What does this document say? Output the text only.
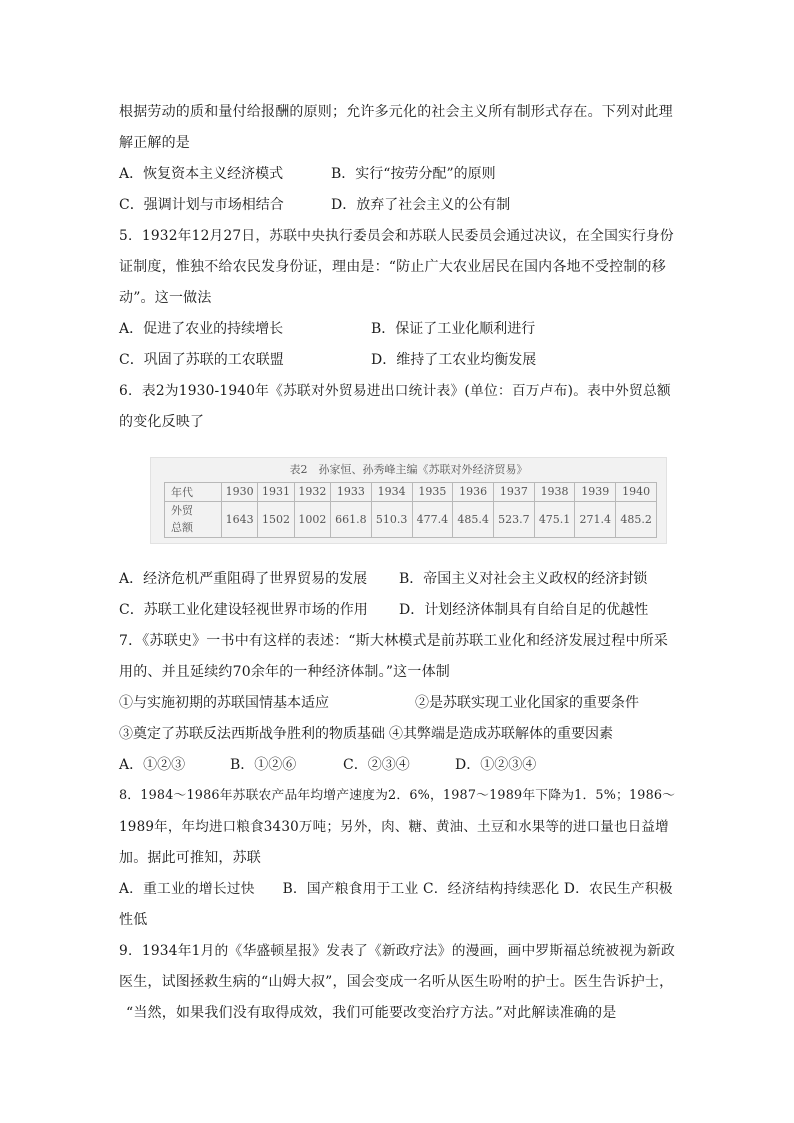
根据劳动的质和量付给报酬的原则；允许多元化的社会主义所有制形式存在。下列对此理
解正解的是
A．恢复资本主义经济模式	B．实行“按劳分配”的原则
C．强调计划与市场相结合	D．放弃了社会主义的公有制
5．1932年12月27日，苏联中央执行委员会和苏联人民委员会通过决议，在全国实行身份
证制度，惟独不给农民发身份证，理由是：“防止广大农业居民在国内各地不受控制的移
动”。这一做法
A．促进了农业的持续增长	B．保证了工业化顺利进行
C．巩固了苏联的工农联盟	D．维持了工农业均衡发展
6．表2为1930-1940年《苏联对外贸易进出口统计表》(单位：百万卢布)。表中外贸总额
的变化反映了
表2　孙家恒、孙秀峰主编《苏联对外经济贸易》
年代	1930	1931	1932	1933	1934	1935	1936	1937	1938	1939	1940
外贸
总额	1643	1502	1002	661.8	510.3	477.4	485.4	523.7	475.1	271.4	485.2
A．经济危机严重阻碍了世界贸易的发展 B．帝国主义对社会主义政权的经济封锁
C．苏联工业化建设轻视世界市场的作用 D．计划经济体制具有自给自足的优越性
7．《苏联史》一书中有这样的表述：“斯大林模式是前苏联工业化和经济发展过程中所采
用的、并且延续约70余年的一种经济体制。”这一体制
①与实施初期的苏联国情基本适应	②是苏联实现工业化国家的重要条件
③奠定了苏联反法西斯战争胜利的物质基础 ④其弊端是造成苏联解体的重要因素
A．①②③	B．①②⑥	C．②③④	D．①②③④
8．1984～1986年苏联农产品年均增产速度为2．6%，1987～1989年下降为1．5%；1986～
1989年，年均进口粮食3430万吨；另外，肉、糖、黄油、土豆和水果等的进口量也日益增
加。据此可推知，苏联
A．重工业的增长过快　　B．国产粮食用于工业 C．经济结构持续恶化 D．农民生产积极
性低
9．1934年1月的《华盛顿星报》发表了《新政疗法》的漫画，画中罗斯福总统被视为新政
医生，试图拯救生病的“山姆大叔”，国会变成一名听从医生吩咐的护士。医生告诉护士，
“当然，如果我们没有取得成效，我们可能要改变治疗方法。”对此解读准确的是
